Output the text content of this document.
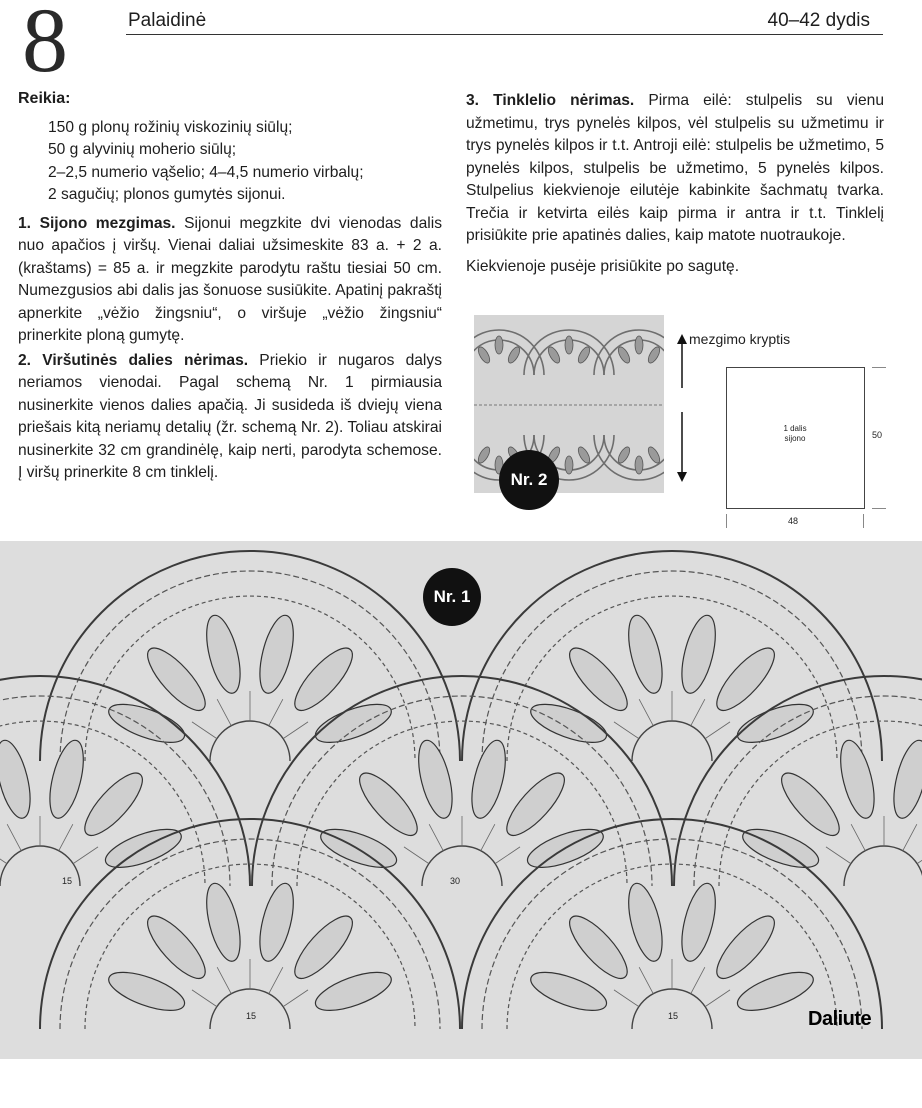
8	Palaidinė	40–42 dydis

Reikia:

150 g plonų rožinių viskozinių siūlų;
50 g alyvinių moherio siūlų;
2–2,5 numerio vąšelio; 4–4,5 numerio virbalų;
2 sagučių; plonos gumytės sijonui.

1. Sijono mezgimas. Sijonui megzkite dvi vienodas dalis nuo apačios į viršų. Vienai daliai užsimeskite 83 a. + 2 a. (kraštams) = 85 a. ir megzkite parodytu raštu tiesiai 50 cm. Numezgusios abi dalis jas šonuose susiūkite. Apatinį pakraštį apnerkite „vėžio žingsniu“, o viršuje „vėžio žingsniu“ prinerkite ploną gumytę.

2. Viršutinės dalies nėrimas. Priekio ir nugaros dalys neriamos vienodai. Pagal schemą Nr. 1 pirmiausia nusinerkite vienos dalies apačią. Ji susideda iš dviejų viena priešais kitą neriamų detalių (žr. schemą Nr. 2). Toliau atskirai nusinerkite 32 cm grandinėlę, kaip nerti, parodyta schemose. Į viršų prinerkite 8 cm tinklelį.

3. Tinklelio nėrimas. Pirma eilė: stulpelis su vienu užmetimu, trys pynelės kilpos, vėl stulpelis su užmetimu ir trys pynelės kilpos ir t.t. Antroji eilė: stulpelis be užmetimo, 5 pynelės kilpos, stulpelis be užmetimo, 5 pynelės kilpos. Stulpelius kiekvienoje eilutėje kabinkite šachmatų tvarka. Trečia ir ketvirta eilės kaip pirma ir antra ir t.t. Tinklelį prisiūkite prie apatinės dalies, kaip matote nuotraukoje.

Kiekvienoje pusėje prisiūkite po sagutę.

Nr. 2
mezgimo kryptis
1 dalis
sijono	50
48
15
15
30
15
Nr. 1
Daliute
